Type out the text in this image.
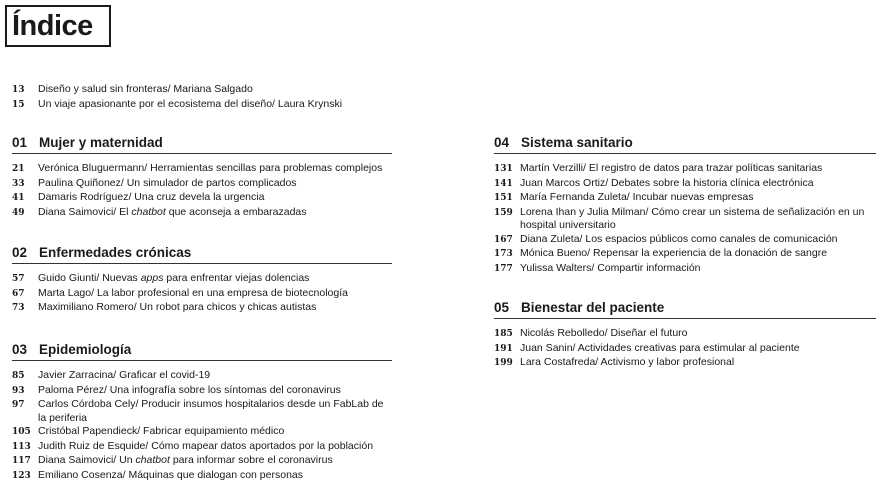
Índice
13	Diseño y salud sin fronteras/ Mariana Salgado
15	Un viaje apasionante por el ecosistema del diseño/ Laura Krynski
01 Mujer y maternidad
21	Verónica Bluguermann/ Herramientas sencillas para problemas complejos
33	Paulina Quiñonez/ Un simulador de partos complicados
41	Damaris Rodríguez/ Una cruz devela la urgencia
49	Diana Saimovici/ El chatbot que aconseja a embarazadas
02 Enfermedades crónicas
57	Guido Giunti/ Nuevas apps para enfrentar viejas dolencias
67	Marta Lago/ La labor profesional en una empresa de biotecnología
73	Maximiliano Romero/ Un robot para chicos y chicas autistas
03 Epidemiología
85	Javier Zarracina/ Graficar el covid-19
93	Paloma Pérez/ Una infografía sobre los síntomas del coronavirus
97	Carlos Córdoba Cely/ Producir insumos hospitalarios desde un FabLab de la periferia
105 Cristóbal Papendieck/ Fabricar equipamiento médico
113 Judith Ruiz de Esquide/ Cómo mapear datos aportados por la población
117 Diana Saimovici/ Un chatbot para informar sobre el coronavirus
123 Emiliano Cosenza/ Máquinas que dialogan con personas
04 Sistema sanitario
131 Martín Verzilli/ El registro de datos para trazar políticas sanitarias
141 Juan Marcos Ortiz/ Debates sobre la historia clínica electrónica
151 María Fernanda Zuleta/ Incubar nuevas empresas
159 Lorena Ihan y Julia Milman/ Cómo crear un sistema de señalización en un hospital universitario
167 Diana Zuleta/ Los espacios públicos como canales de comunicación
173 Mónica Bueno/ Repensar la experiencia de la donación de sangre
177 Yulissa Walters/ Compartir información
05 Bienestar del paciente
185 Nicolás Rebolledo/ Diseñar el futuro
191 Juan Sanin/ Actividades creativas para estimular al paciente
199 Lara Costafreda/ Activismo y labor profesional
